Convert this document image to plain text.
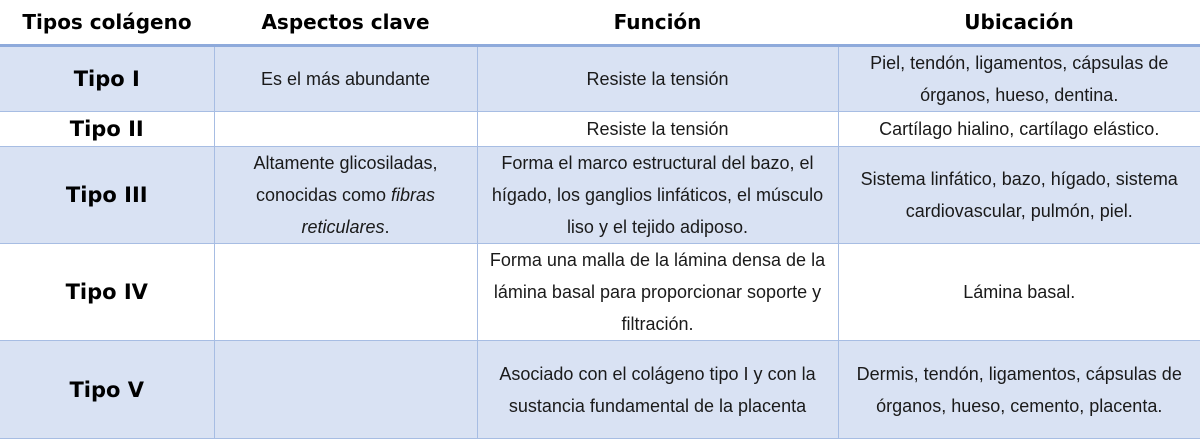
Tipos colágeno	Aspectos clave	Función	Ubicación
Tipo I	Es el más abundante	Resiste la tensión	Piel, tendón, ligamentos, cápsulas de órganos, hueso, dentina.
Tipo II		Resiste la tensión	Cartílago hialino, cartílago elástico.
Tipo III	Altamente glicosiladas, conocidas como fibras reticulares.	Forma el marco estructural del bazo, el hígado, los ganglios linfáticos, el músculo liso y el tejido adiposo.	Sistema linfático, bazo, hígado, sistema cardiovascular, pulmón, piel.
Tipo IV		Forma una malla de la lámina densa de la lámina basal para proporcionar soporte y filtración.	Lámina basal.
Tipo V		Asociado con el colágeno tipo I y con la sustancia fundamental de la placenta	Dermis, tendón, ligamentos, cápsulas de órganos, hueso, cemento, placenta.
